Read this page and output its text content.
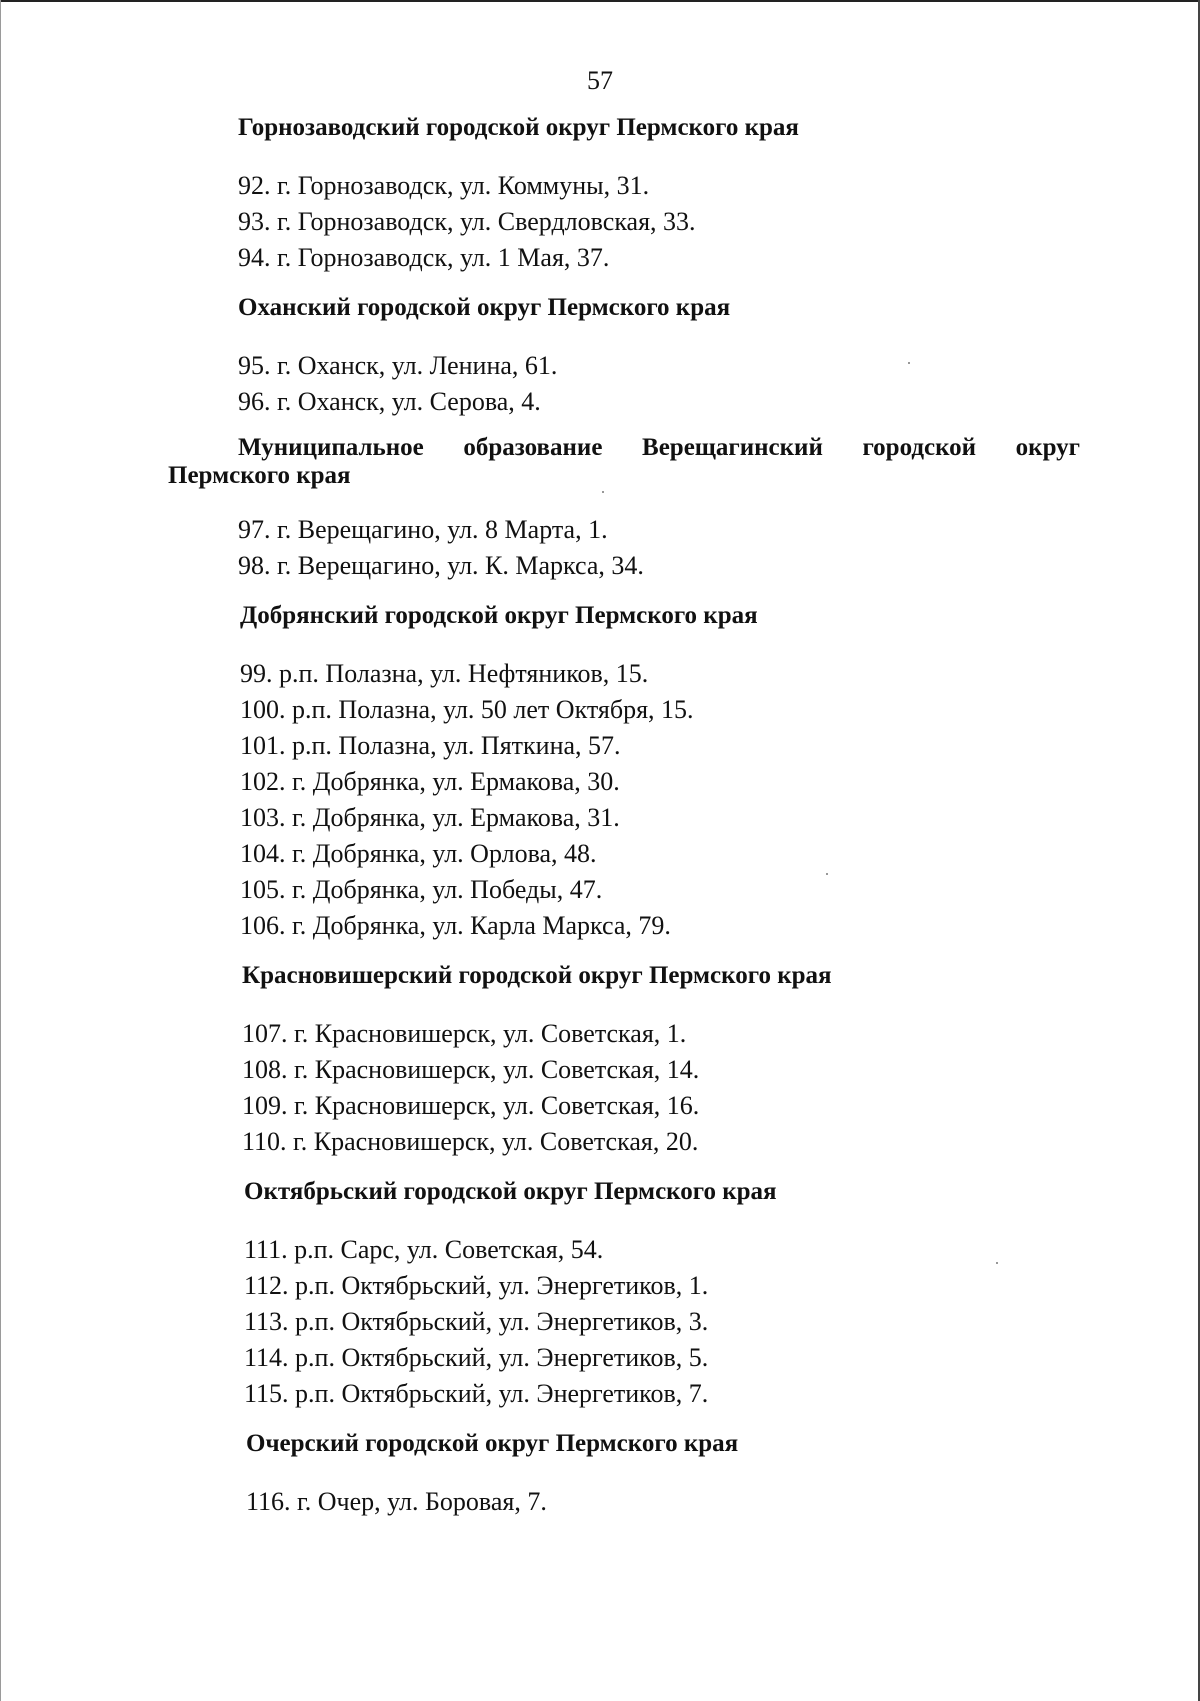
57
Горнозаводский городской округ Пермского края
92. г. Горнозаводск, ул. Коммуны, 31.
93. г. Горнозаводск, ул. Свердловская, 33.
94. г. Горнозаводск, ул. 1 Мая, 37.
Оханский городской округ Пермского края
95. г. Оханск, ул. Ленина, 61.
96. г. Оханск, ул. Серова, 4.
Муниципальное образование Верещагинский городской округ
Пермского края
97. г. Верещагино, ул. 8 Марта, 1.
98. г. Верещагино, ул. К. Маркса, 34.
Добрянский городской округ Пермского края
99. р.п. Полазна, ул. Нефтяников, 15.
100. р.п. Полазна, ул. 50 лет Октября, 15.
101. р.п. Полазна, ул. Пяткина, 57.
102. г. Добрянка, ул. Ермакова, 30.
103. г. Добрянка, ул. Ермакова, 31.
104. г. Добрянка, ул. Орлова, 48.
105. г. Добрянка, ул. Победы, 47.
106. г. Добрянка, ул. Карла Маркса, 79.
Красновишерский городской округ Пермского края
107. г. Красновишерск, ул. Советская, 1.
108. г. Красновишерск, ул. Советская, 14.
109. г. Красновишерск, ул. Советская, 16.
110. г. Красновишерск, ул. Советская, 20.
Октябрьский городской округ Пермского края
111. р.п. Сарс, ул. Советская, 54.
112. р.п. Октябрьский, ул. Энергетиков, 1.
113. р.п. Октябрьский, ул. Энергетиков, 3.
114. р.п. Октябрьский, ул. Энергетиков, 5.
115. р.п. Октябрьский, ул. Энергетиков, 7.
Очерский городской округ Пермского края
116. г. Очер, ул. Боровая, 7.
